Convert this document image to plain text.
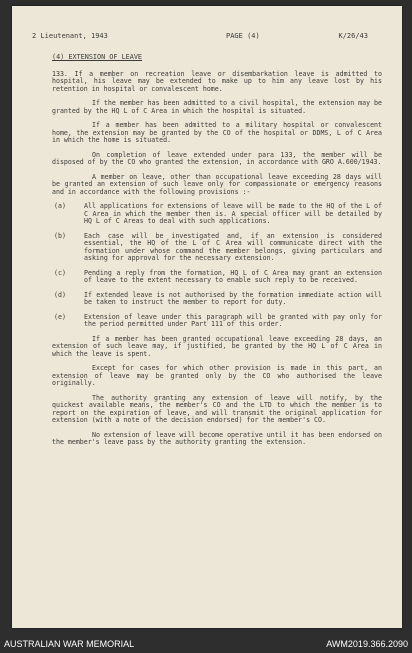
2 Lieutenant, 1943	PAGE (4)	K/26/43
(4) EXTENSION OF LEAVE

133. If a member on recreation leave or disembarkation leave is admitted to hospital, his leave may be extended to make up to him any leave lost by his retention in hospital or convalescent home.

If the member has been admitted to a civil hospital, the extension may be granted by the HQ L of C Area in which the hospital is situated.

If a member has been admitted to a military hospital or convalescent home, the extension may be granted by the CO of the hospital or DDMS, L of C Area in which the home is situated.

On completion of leave extended under para 133, the member will be disposed of by the CO who granted the extension, in accordance with GRO A.600/1943.

A member on leave, other than occupational leave exceeding 28 days will be granted an extension of such leave only for compassionate or emergency reasons and in accordance with the following provisions :-

(a)	All applications for extensions of leave will be made to the HQ of the L of C Area in which the member then is. A special officer will be detailed by HQ L of C Areas to deal with such applications.
(b)	Each case will be investigated and, if an extension is considered essential, the HQ of the L of C Area will communicate direct with the formation under whose command the member belongs, giving particulars and asking for approval for the necessary extension.
(c)	Pending a reply from the formation, HQ L of C Area may grant an extension of leave to the extent necessary to enable such reply to be received.
(d)	If extended leave is not authorised by the formation immediate action will be taken to instruct the member to report for duty.
(e)	Extension of leave under this paragraph will be granted with pay only for the period permitted under Part 111 of this order.

If a member has been granted occupational leave exceeding 28 days, an extension of such leave may, if justified, be granted by the HQ L of C Area in which the leave is spent.

Except for cases for which other provision is made in this part, an extension of leave may be granted only by the CO who authorised the leave originally.

The authority granting any extension of leave will notify, by the quickest available means, the member's CO and the LTD to which the member is to report on the expiration of leave, and will transmit the original application for extension (with a note of the decision endorsed) for the member's CO.

No extension of leave will become operative until it has been endorsed on the member's leave pass by the authority granting the extension.

AUSTRALIAN WAR MEMORIAL	AWM2019.366.2090
